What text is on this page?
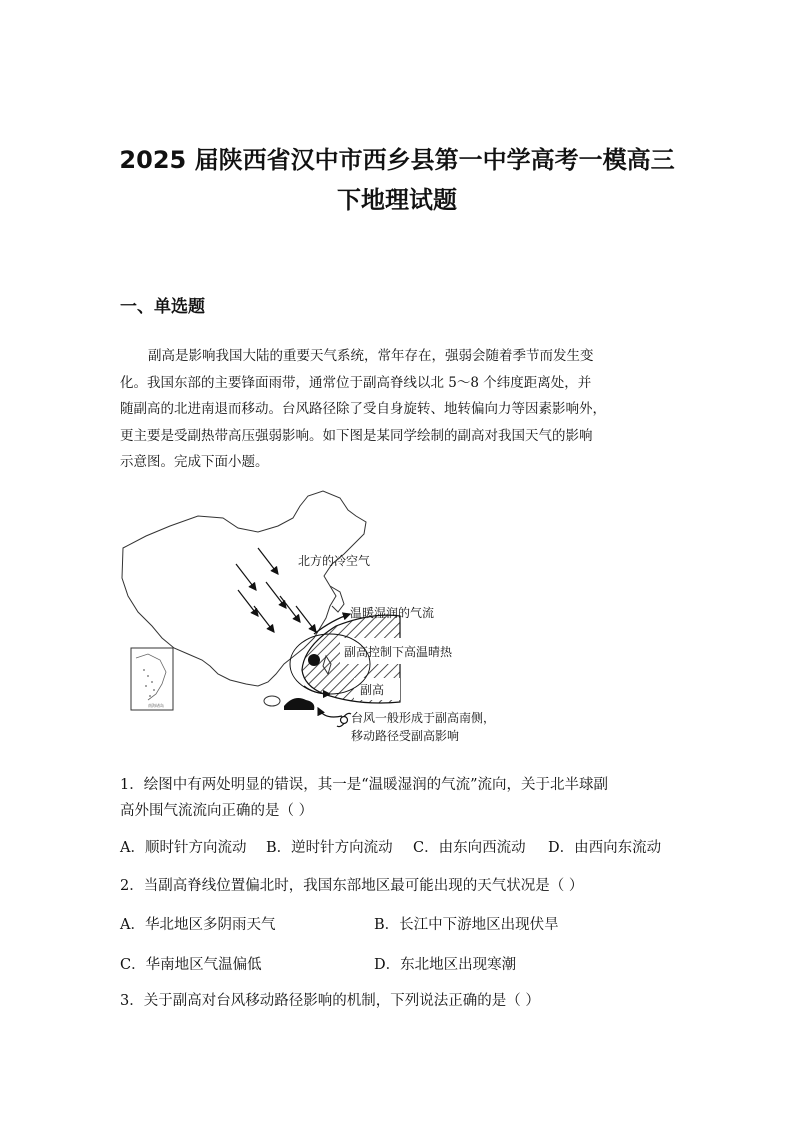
2025 届陕西省汉中市西乡县第一中学高考一模高三
下地理试题
一、单选题
副高是影响我国大陆的重要天气系统，常年存在，强弱会随着季节而发生变
化。我国东部的主要锋面雨带，通常位于副高脊线以北 5～8 个纬度距离处，并
随副高的北进南退而移动。台风路径除了受自身旋转、地转偏向力等因素影响外，
更主要是受副热带高压强弱影响。如下图是某同学绘制的副高对我国天气的影响
示意图。完成下面小题。
南海诸岛
北方的冷空气
温暖湿润的气流
副高控制下高温晴热
副高
台风一般形成于副高南侧，
移动路径受副高影响
1．绘图中有两处明显的错误，其一是“温暖湿润的气流”流向，关于北半球副
高外围气流流向正确的是（ ）
A．顺时针方向流动 B．逆时针方向流动 C．由东向西流动 D．由西向东流动
2．当副高脊线位置偏北时，我国东部地区最可能出现的天气状况是（ ）
A．华北地区多阴雨天气	B．长江中下游地区出现伏旱
C．华南地区气温偏低	D．东北地区出现寒潮
3．关于副高对台风移动路径影响的机制，下列说法正确的是（ ）
